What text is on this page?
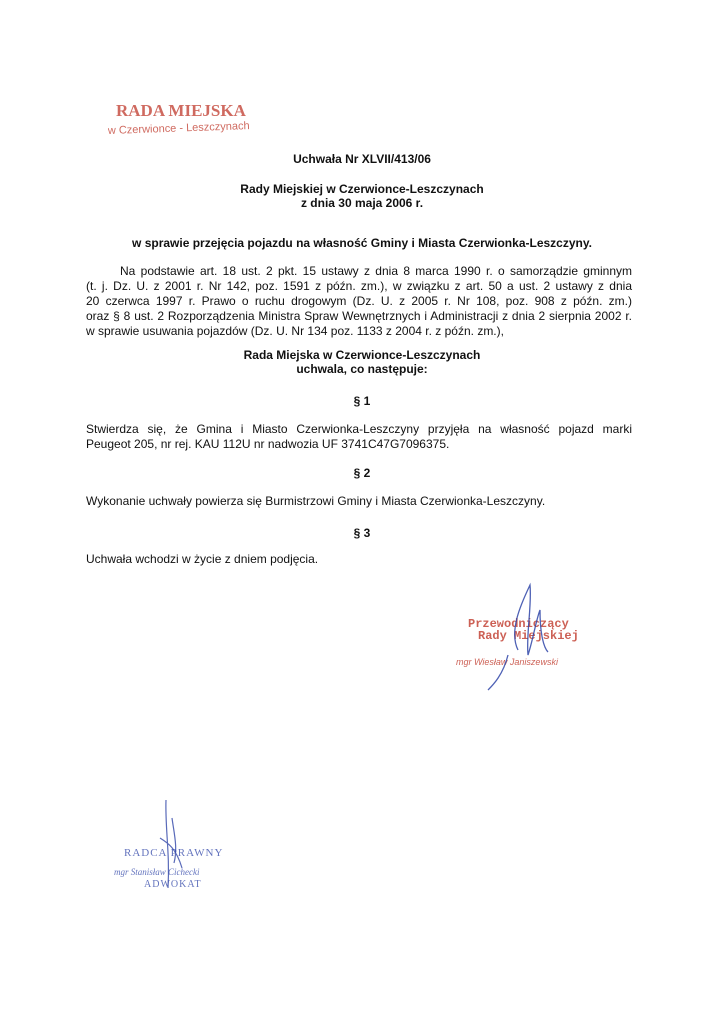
RADA MIEJSKA
w Czerwionce - Leszczynach
Uchwała Nr XLVII/413/06
Rady Miejskiej w Czerwionce-Leszczynach
z dnia 30 maja 2006 r.
w sprawie przejęcia pojazdu na własność Gminy i Miasta Czerwionka-Leszczyny.
Na podstawie art. 18 ust. 2 pkt. 15 ustawy z dnia 8 marca 1990 r. o samorządzie gminnym
(t. j. Dz. U. z 2001 r. Nr 142, poz. 1591 z późn. zm.), w związku z art. 50 a ust. 2 ustawy z dnia
20 czerwca 1997 r. Prawo o ruchu drogowym (Dz. U. z 2005 r. Nr 108, poz. 908 z późn. zm.)
oraz § 8 ust. 2 Rozporządzenia Ministra Spraw Wewnętrznych i Administracji z dnia 2 sierpnia 2002 r.
w sprawie usuwania pojazdów (Dz. U. Nr 134 poz. 1133 z 2004 r. z późn. zm.),
Rada Miejska w Czerwionce-Leszczynach
uchwala, co następuje:
§ 1
Stwierdza się, że Gmina i Miasto Czerwionka-Leszczyny przyjęła na własność pojazd marki
Peugeot 205, nr rej. KAU 112U nr nadwozia UF 3741C47G7096375.
§ 2
Wykonanie uchwały powierza się Burmistrzowi Gminy i Miasta Czerwionka-Leszczyny.
§ 3
Uchwała wchodzi w życie z dniem podjęcia.
Przewodniczący
Rady Miejskiej
mgr Wiesław Janiszewski
RADCA PRAWNY
mgr Stanisław Cichecki
ADWOKAT
